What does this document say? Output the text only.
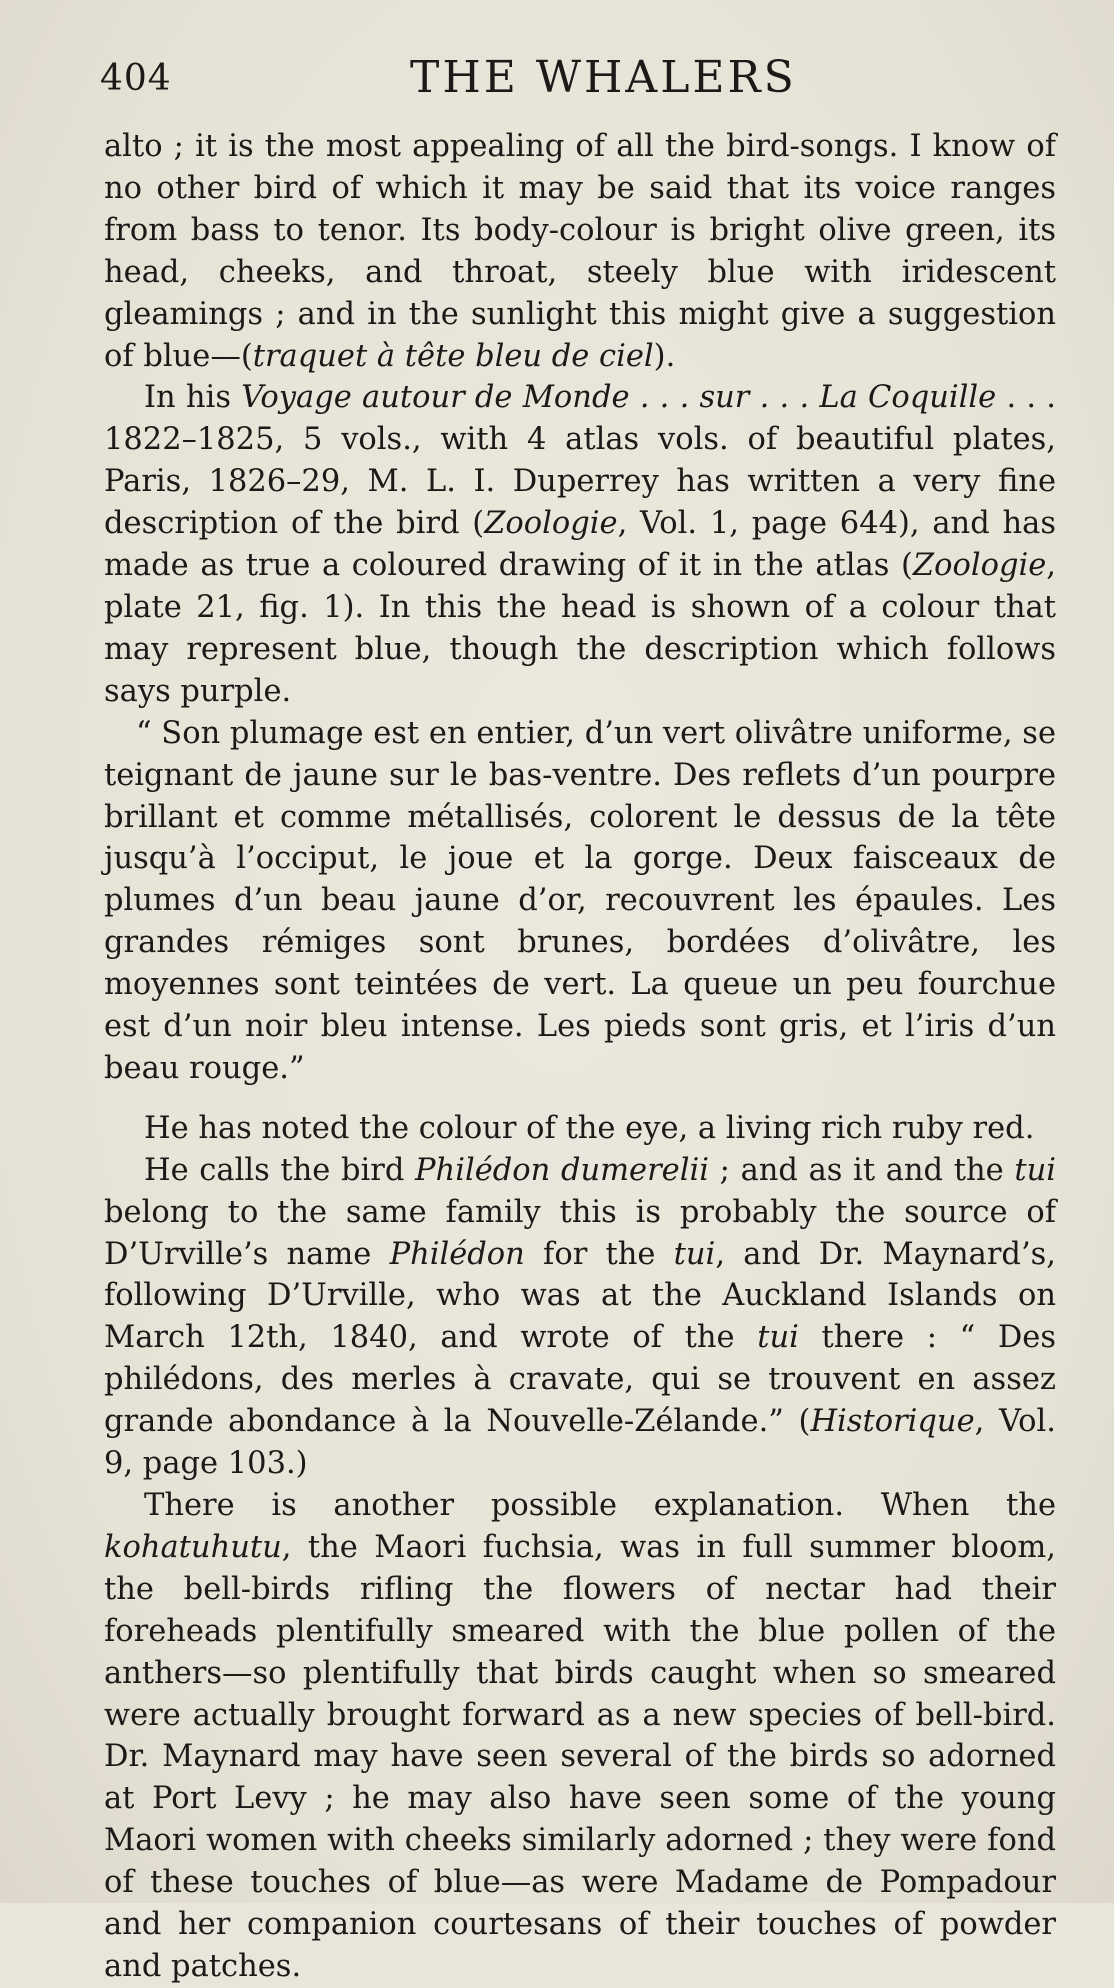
404	THE WHALERS

alto ; it is the most appealing of all the bird-songs. I know of no other bird of which it may be said that its voice ranges from bass to tenor. Its body-colour is bright olive green, its head, cheeks, and throat, steely blue with iridescent gleamings ; and in the sunlight this might give a suggestion of blue—(traquet à tête bleu de ciel).

In his Voyage autour de Monde . . . sur . . . La Coquille . . . 1822–1825, 5 vols., with 4 atlas vols. of beautiful plates, Paris, 1826–29, M. L. I. Duperrey has written a very fine description of the bird (Zoologie, Vol. 1, page 644), and has made as true a coloured drawing of it in the atlas (Zoologie, plate 21, fig. 1). In this the head is shown of a colour that may represent blue, though the description which follows says purple.

“ Son plumage est en entier, d’un vert olivâtre uniforme, se teignant de jaune sur le bas-ventre. Des reflets d’un pourpre brillant et comme métallisés, colorent le dessus de la tête jusqu’à l’occiput, le joue et la gorge. Deux faisceaux de plumes d’un beau jaune d’or, recouvrent les épaules. Les grandes rémiges sont brunes, bordées d’olivâtre, les moyennes sont teintées de vert. La queue un peu fourchue est d’un noir bleu intense. Les pieds sont gris, et l’iris d’un beau rouge.”

He has noted the colour of the eye, a living rich ruby red.

He calls the bird Philédon dumerelii ; and as it and the tui belong to the same family this is probably the source of D’Urville’s name Philédon for the tui, and Dr. Maynard’s, following D’Urville, who was at the Auckland Islands on March 12th, 1840, and wrote of the tui there : “ Des philédons, des merles à cravate, qui se trouvent en assez grande abondance à la Nouvelle-Zélande.” (Historique, Vol. 9, page 103.)

There is another possible explanation. When the kohatuhutu, the Maori fuchsia, was in full summer bloom, the bell-birds rifling the flowers of nectar had their foreheads plentifully smeared with the blue pollen of the anthers—so plentifully that birds caught when so smeared were actually brought forward as a new species of bell-bird. Dr. Maynard may have seen several of the birds so adorned at Port Levy ; he may also have seen some of the young Maori women with cheeks similarly adorned ; they were fond of these touches of blue—as were Madame de Pompadour and her companion courtesans of their touches of powder and patches.
